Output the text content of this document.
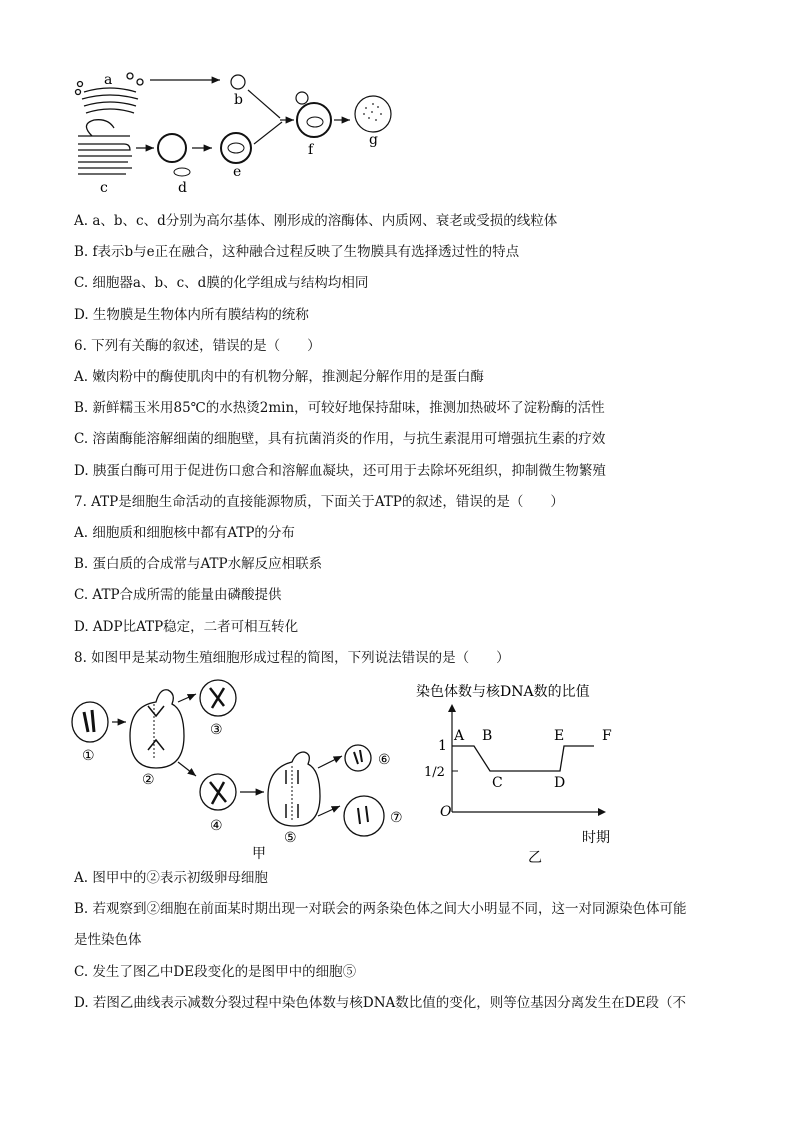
a
b
c	d
e
f
g
A. a、b、c、d分别为高尔基体、刚形成的溶酶体、内质网、衰老或受损的线粒体
B. f表示b与e正在融合，这种融合过程反映了生物膜具有选择透过性的特点
C. 细胞器a、b、c、d膜的化学组成与结构均相同
D. 生物膜是生物体内所有膜结构的统称
6. 下列有关酶的叙述，错误的是（　　）
A. 嫩肉粉中的酶使肌肉中的有机物分解，推测起分解作用的是蛋白酶
B. 新鲜糯玉米用85℃的水热烫2min，可较好地保持甜味，推测加热破坏了淀粉酶的活性
C. 溶菌酶能溶解细菌的细胞壁，具有抗菌消炎的作用，与抗生素混用可增强抗生素的疗效
D. 胰蛋白酶可用于促进伤口愈合和溶解血凝块，还可用于去除坏死组织，抑制微生物繁殖
7. ATP是细胞生命活动的直接能源物质，下面关于ATP的叙述，错误的是（　　）
A. 细胞质和细胞核中都有ATP的分布
B. 蛋白质的合成常与ATP水解反应相联系
C. ATP合成所需的能量由磷酸提供
D. ADP比ATP稳定，二者可相互转化
8. 如图甲是某动物生殖细胞形成过程的简图，下列说法错误的是（　　）
①
②
③
④
⑤
⑥
⑦
甲
染色体数与核DNA数的比值
O
1
1/2
A B
C	D
E	F
时期
乙
A. 图甲中的②表示初级卵母细胞
B. 若观察到②细胞在前面某时期出现一对联会的两条染色体之间大小明显不同，这一对同源染色体可能
是性染色体
C. 发生了图乙中DE段变化的是图甲中的细胞⑤
D. 若图乙曲线表示减数分裂过程中染色体数与核DNA数比值的变化，则等位基因分离发生在DE段（不
